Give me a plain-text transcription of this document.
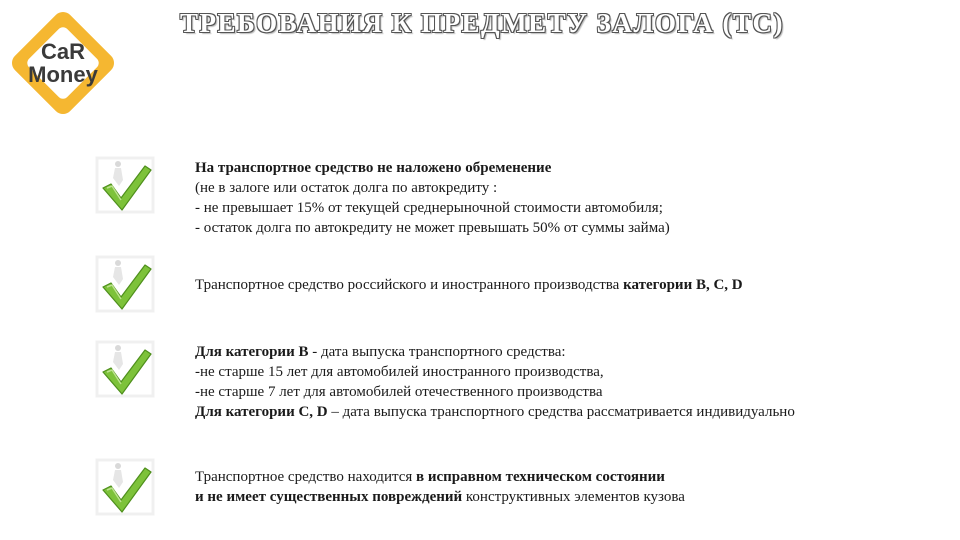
CaR
Money
ТРЕБОВАНИЯ К ПРЕДМЕТУ ЗАЛОГА (ТС)
На транспортное средство не наложено обременение
(не в залоге или остаток долга по автокредиту :
- не превышает 15% от текущей среднерыночной стоимости автомобиля;
- остаток долга по автокредиту не может превышать 50% от суммы займа)
Транспортное средство российского и иностранного производства категории В, С, D
Для категории В - дата выпуска транспортного средства:
-не старше 15 лет для автомобилей иностранного производства,
-не старше 7 лет для автомобилей отечественного производства
Для категории С, D – дата выпуска транспортного средства рассматривается индивидуально
Транспортное средство находится в исправном техническом состоянии
и не имеет существенных повреждений конструктивных элементов кузова
